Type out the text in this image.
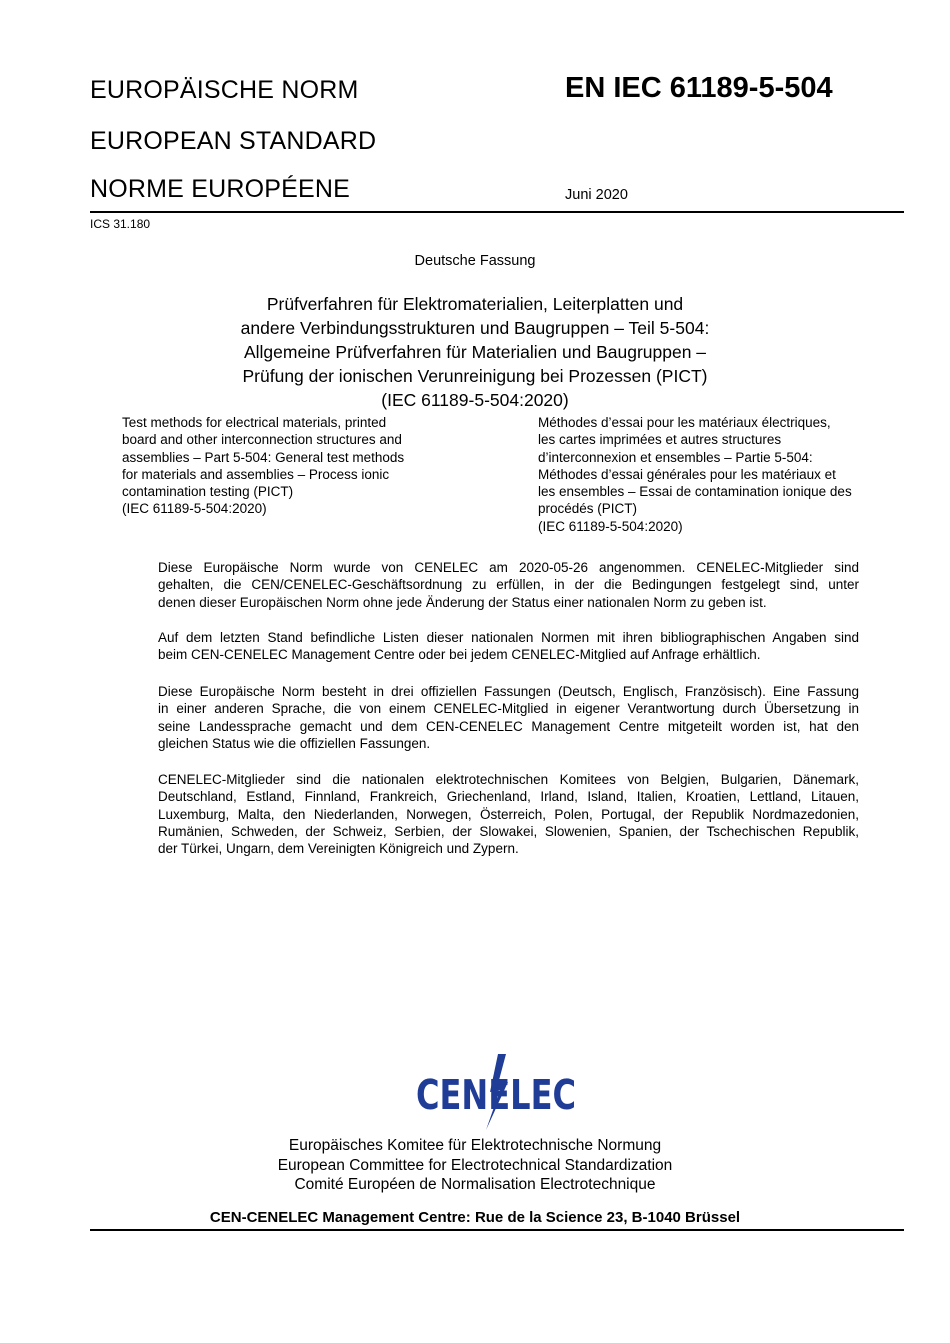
EUROPÄISCHE NORM
EUROPEAN STANDARD
NORME EUROPÉENE
EN IEC 61189-5-504
Juni 2020
ICS 31.180
Deutsche Fassung
Prüfverfahren für Elektromaterialien, Leiterplatten und
andere Verbindungsstrukturen und Baugruppen – Teil 5-504:
Allgemeine Prüfverfahren für Materialien und Baugruppen –
Prüfung der ionischen Verunreinigung bei Prozessen (PICT)
(IEC 61189-5-504:2020)
Test methods for electrical materials, printed
board and other interconnection structures and
assemblies – Part 5-504: General test methods
for materials and assemblies – Process ionic
contamination testing (PICT)
(IEC 61189-5-504:2020)
Méthodes d’essai pour les matériaux électriques,
les cartes imprimées et autres structures
d’interconnexion et ensembles – Partie 5-504:
Méthodes d’essai générales pour les matériaux et
les ensembles – Essai de contamination ionique des
procédés (PICT)
(IEC 61189-5-504:2020)
Diese Europäische Norm wurde von CENELEC am 2020-05-26 angenommen. CENELEC-Mitglieder sind
gehalten, die CEN/CENELEC-Geschäftsordnung zu erfüllen, in der die Bedingungen festgelegt sind, unter
denen dieser Europäischen Norm ohne jede Änderung der Status einer nationalen Norm zu geben ist.
Auf dem letzten Stand befindliche Listen dieser nationalen Normen mit ihren bibliographischen Angaben sind
beim CEN-CENELEC Management Centre oder bei jedem CENELEC-Mitglied auf Anfrage erhältlich.
Diese Europäische Norm besteht in drei offiziellen Fassungen (Deutsch, Englisch, Französisch). Eine Fassung
in einer anderen Sprache, die von einem CENELEC-Mitglied in eigener Verantwortung durch Übersetzung in
seine Landessprache gemacht und dem CEN-CENELEC Management Centre mitgeteilt worden ist, hat den
gleichen Status wie die offiziellen Fassungen.
CENELEC-Mitglieder sind die nationalen elektrotechnischen Komitees von Belgien, Bulgarien, Dänemark,
Deutschland, Estland, Finnland, Frankreich, Griechenland, Irland, Island, Italien, Kroatien, Lettland, Litauen,
Luxemburg, Malta, den Niederlanden, Norwegen, Österreich, Polen, Portugal, der Republik Nordmazedonien,
Rumänien, Schweden, der Schweiz, Serbien, der Slowakei, Slowenien, Spanien, der Tschechischen Republik,
der Türkei, Ungarn, dem Vereinigten Königreich und Zypern.
CENELEC
Europäisches Komitee für Elektrotechnische Normung
European Committee for Electrotechnical Standardization
Comité Européen de Normalisation Electrotechnique
CEN-CENELEC Management Centre: Rue de la Science 23, B-1040 Brüssel
